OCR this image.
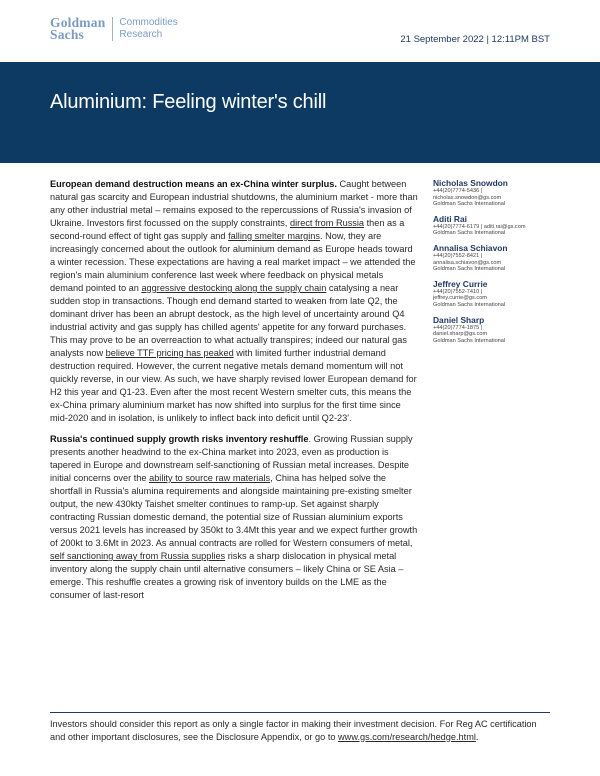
Goldman
Sachs
Commodities
Research	21 September 2022 | 12:11PM BST
Aluminium: Feeling winter's chill

European demand destruction means an ex-China winter surplus. Caught between natural gas scarcity and European industrial shutdowns, the aluminium market - more than any other industrial metal – remains exposed to the repercussions of Russia's invasion of Ukraine. Investors first focussed on the supply constraints, direct from Russia then as a second-round effect of tight gas supply and falling smelter margins. Now, they are increasingly concerned about the outlook for aluminium demand as Europe heads toward a winter recession. These expectations are having a real market impact – we attended the region's main aluminium conference last week where feedback on physical metals demand pointed to an aggressive destocking along the supply chain catalysing a near sudden stop in transactions. Though end demand started to weaken from late Q2, the dominant driver has been an abrupt destock, as the high level of uncertainty around Q4 industrial activity and gas supply has chilled agents' appetite for any forward purchases. This may prove to be an overreaction to what actually transpires; indeed our natural gas analysts now believe TTF pricing has peaked with limited further industrial demand destruction required. However, the current negative metals demand momentum will not quickly reverse, in our view. As such, we have sharply revised lower European demand for H2 this year and Q1-23. Even after the most recent Western smelter cuts, this means the ex-China primary aluminium market has now shifted into surplus for the first time since mid-2020 and in isolation, is unlikely to inflect back into deficit until Q2-23'.

Russia's continued supply growth risks inventory reshuffle. Growing Russian supply presents another headwind to the ex-China market into 2023, even as production is tapered in Europe and downstream self-sanctioning of Russian metal increases. Despite initial concerns over the ability to source raw materials, China has helped solve the shortfall in Russia's alumina requirements and alongside maintaining pre-existing smelter output, the new 430kty Taishet smelter continues to ramp-up. Set against sharply contracting Russian domestic demand, the potential size of Russian aluminium exports versus 2021 levels has increased by 350kt to 3.4Mt this year and we expect further growth of 200kt to 3.6Mt in 2023. As annual contracts are rolled for Western consumers of metal, self sanctioning away from Russia supplies risks a sharp dislocation in physical metal inventory along the supply chain until alternative consumers – likely China or SE Asia – emerge. This reshuffle creates a growing risk of inventory builds on the LME as the consumer of last-resort

Nicholas Snowdon
+44(20)7774-5436 |
nicholas.snowdon@gs.com
Goldman Sachs International
Aditi Rai
+44(20)7774-6179 | aditi.rai@gs.com
Goldman Sachs International
Annalisa Schiavon
+44(20)7552-8421 |
annalisa.schiavon@gs.com
Goldman Sachs International
Jeffrey Currie
+44(20)7552-7410 |
jeffrey.currie@gs.com
Goldman Sachs International
Daniel Sharp
+44(20)7774-1875 |
daniel.sharp@gs.com
Goldman Sachs International
Investors should consider this report as only a single factor in making their investment decision. For Reg AC certification and other important disclosures, see the Disclosure Appendix, or go to www.gs.com/research/hedge.html.
